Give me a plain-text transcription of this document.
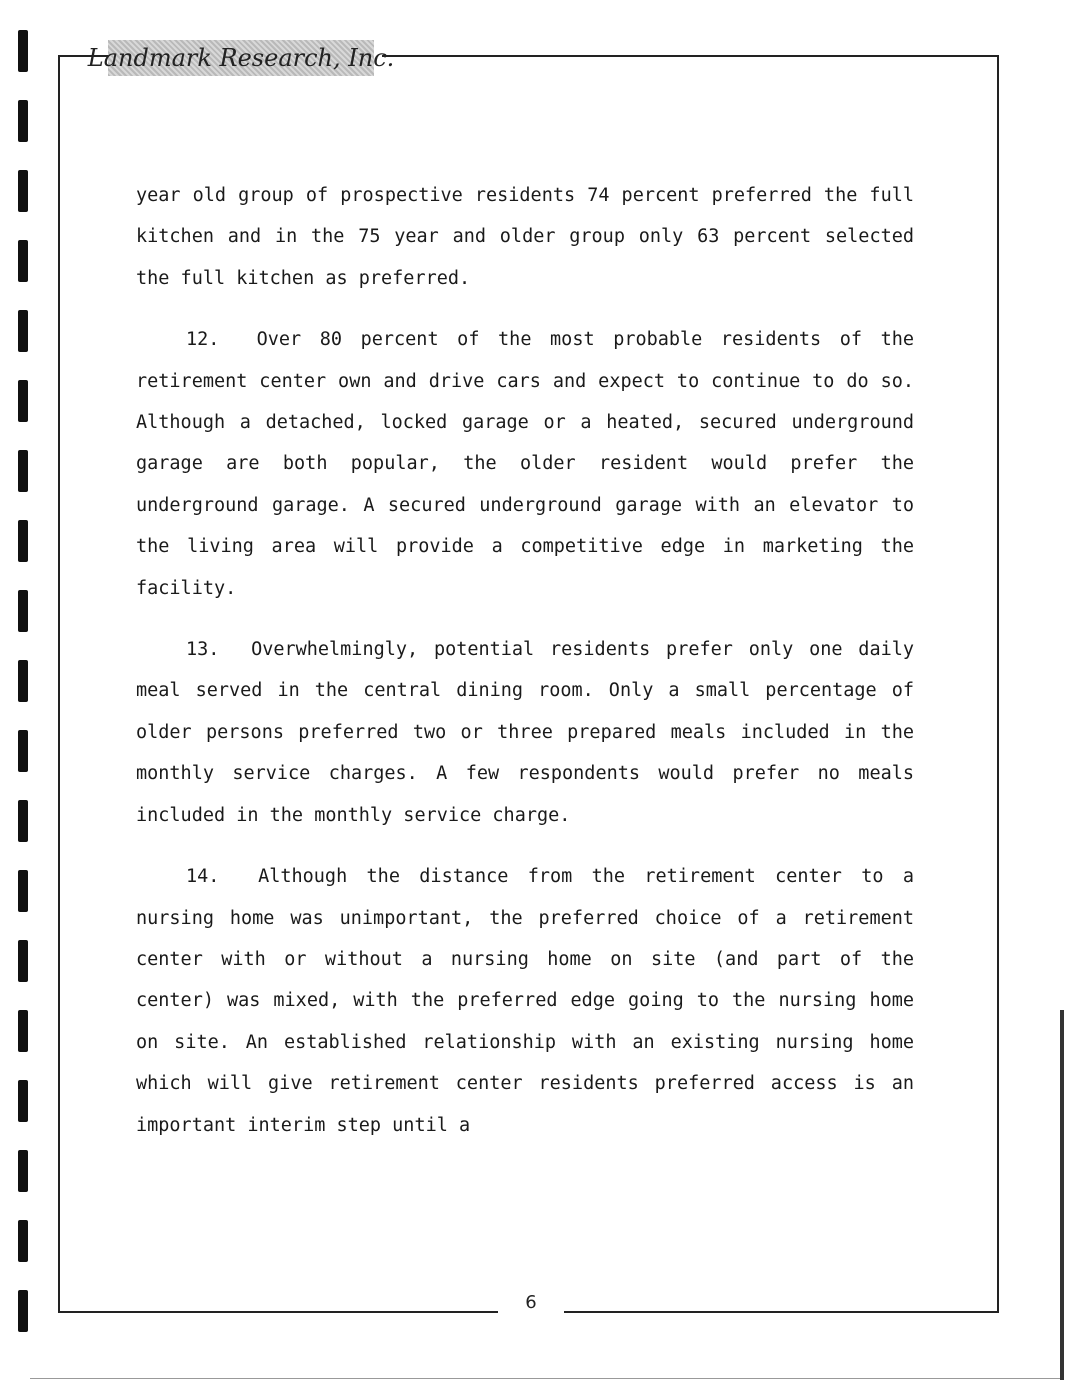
Landmark Research, Inc.

year old group of prospective residents 74 percent preferred the full kitchen and in the 75 year and older group only 63 percent selected the full kitchen as preferred.

12. Over 80 percent of the most probable residents of the retirement center own and drive cars and expect to continue to do so. Although a detached, locked garage or a heated, secured underground garage are both popular, the older resident would prefer the underground garage. A secured underground garage with an elevator to the living area will provide a competitive edge in marketing the facility.

13. Overwhelmingly, potential residents prefer only one daily meal served in the central dining room. Only a small percentage of older persons preferred two or three prepared meals included in the monthly service charges. A few respondents would prefer no meals included in the monthly service charge.

14. Although the distance from the retirement center to a nursing home was unimportant, the preferred choice of a retirement center with or without a nursing home on site (and part of the center) was mixed, with the preferred edge going to the nursing home on site. An established relationship with an existing nursing home which will give retirement center residents preferred access is an important interim step until a

6
